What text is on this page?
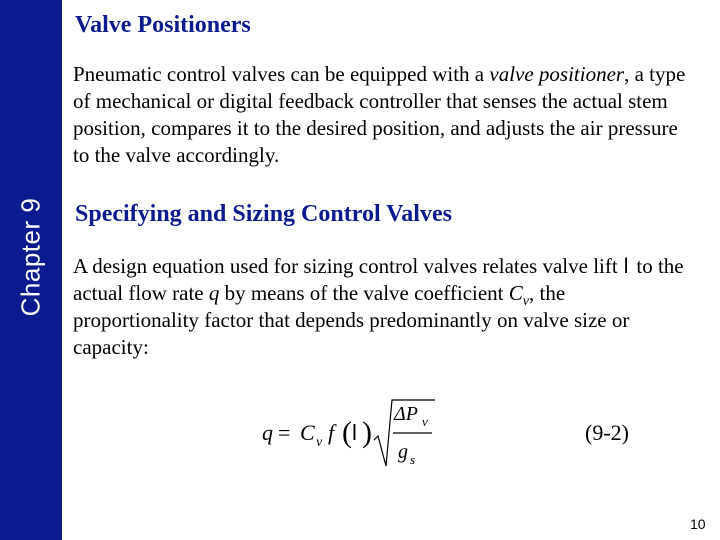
Chapter 9
Valve Positioners

Pneumatic control valves can be equipped with a valve positioner, a type of mechanical or digital feedback controller that senses the actual stem position, compares it to the desired position, and adjusts the air pressure to the valve accordingly.

Specifying and Sizing Control Valves

A design equation used for sizing control valves relates valve lift l to the actual flow rate q by means of the valve coefficient $C_v$, the proportionality factor that depends predominantly on valve size or capacity:

q = C v f ( l )
ΔP v
g s
(9-2)
10
